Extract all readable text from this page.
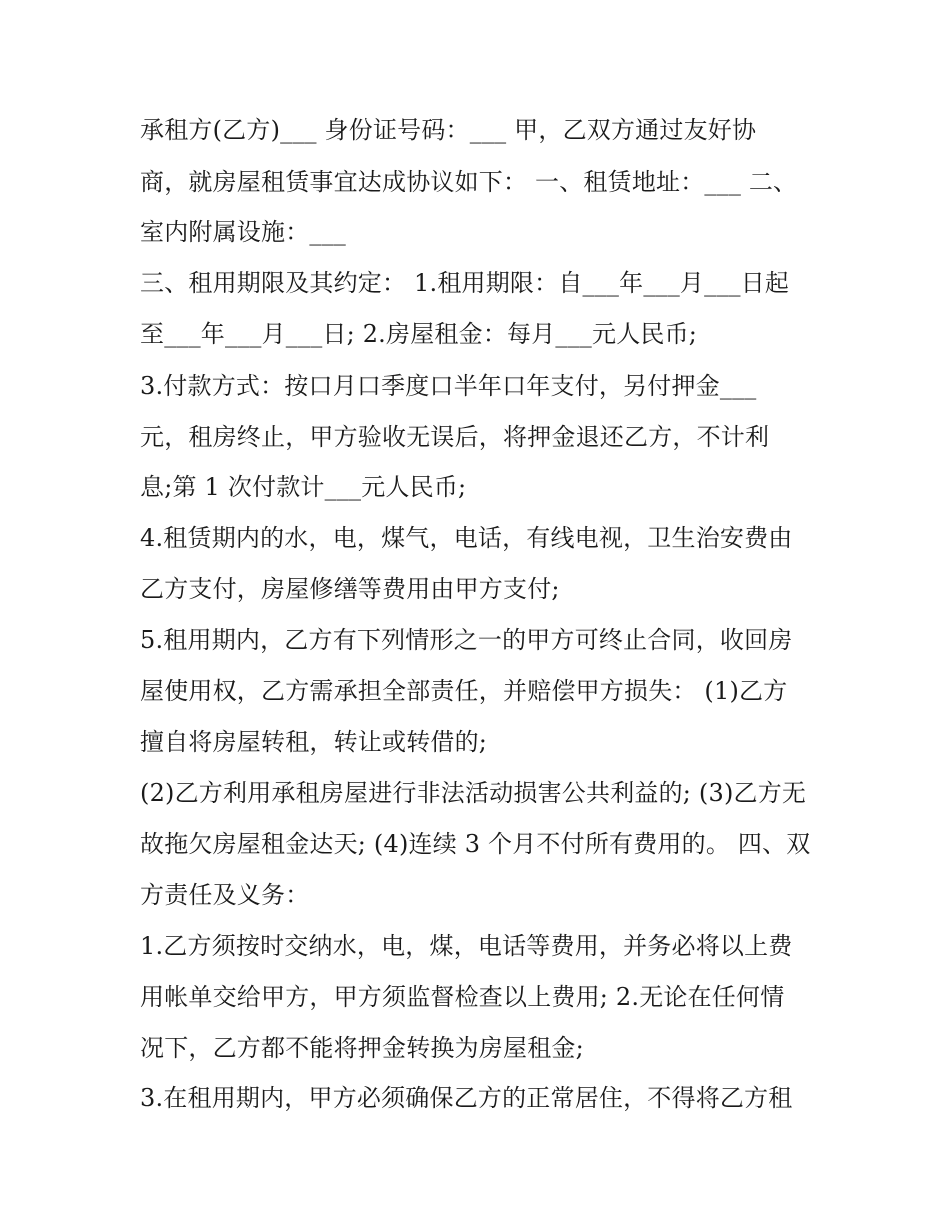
承租方(乙方)___ 身份证号码：___ 甲，乙双方通过友好协
商，就房屋租赁事宜达成协议如下： 一、租赁地址：___ 二、
室内附属设施：___
三、租用期限及其约定： 1.租用期限：自___年___月___日起
至___年___月___日; 2.房屋租金：每月___元人民币;
3.付款方式：按口月口季度口半年口年支付，另付押金___
元，租房终止，甲方验收无误后，将押金退还乙方，不计利
息;第 1 次付款计___元人民币;
4.租赁期内的水，电，煤气，电话，有线电视，卫生治安费由
乙方支付，房屋修缮等费用由甲方支付;
5.租用期内，乙方有下列情形之一的甲方可终止合同，收回房
屋使用权，乙方需承担全部责任，并赔偿甲方损失： (1)乙方
擅自将房屋转租，转让或转借的;
(2)乙方利用承租房屋进行非法活动损害公共利益的; (3)乙方无
故拖欠房屋租金达天; (4)连续 3 个月不付所有费用的。 四、双
方责任及义务：
1.乙方须按时交纳水，电，煤，电话等费用，并务必将以上费
用帐单交给甲方，甲方须监督检查以上费用; 2.无论在任何情
况下，乙方都不能将押金转换为房屋租金;
3.在租用期内，甲方必须确保乙方的正常居住，不得将乙方租
